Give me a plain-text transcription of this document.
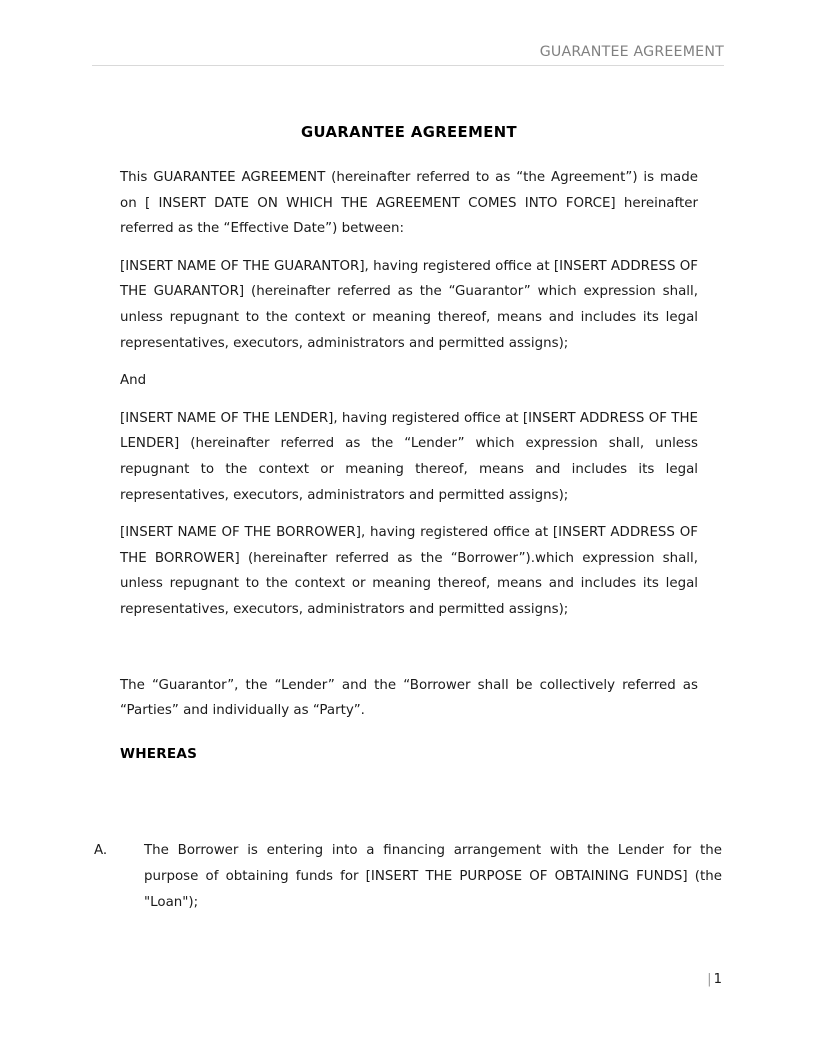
GUARANTEE AGREEMENT
GUARANTEE AGREEMENT

This GUARANTEE AGREEMENT (hereinafter referred to as “the Agreement”) is made on [ INSERT DATE ON WHICH THE AGREEMENT COMES INTO FORCE] hereinafter referred as the “Effective Date”) between:

[INSERT NAME OF THE GUARANTOR], having registered office at [INSERT ADDRESS OF THE GUARANTOR] (hereinafter referred as the “Guarantor” which expression shall, unless repugnant to the context or meaning thereof, means and includes its legal representatives, executors, administrators and permitted assigns);

And

[INSERT NAME OF THE LENDER], having registered office at [INSERT ADDRESS OF THE LENDER] (hereinafter referred as the “Lender” which expression shall, unless repugnant to the context or meaning thereof, means and includes its legal representatives, executors, administrators and permitted assigns);

[INSERT NAME OF THE BORROWER], having registered office at [INSERT ADDRESS OF THE BORROWER] (hereinafter referred as the “Borrower”).which expression shall, unless repugnant to the context or meaning thereof, means and includes its legal representatives, executors, administrators and permitted assigns);

The “Guarantor”, the “Lender” and the “Borrower shall be collectively referred as “Parties” and individually as “Party”.

WHEREAS
A.	The Borrower is entering into a financing arrangement with the Lender for the purpose of obtaining funds for [INSERT THE PURPOSE OF OBTAINING FUNDS] (the "Loan");
| 1
